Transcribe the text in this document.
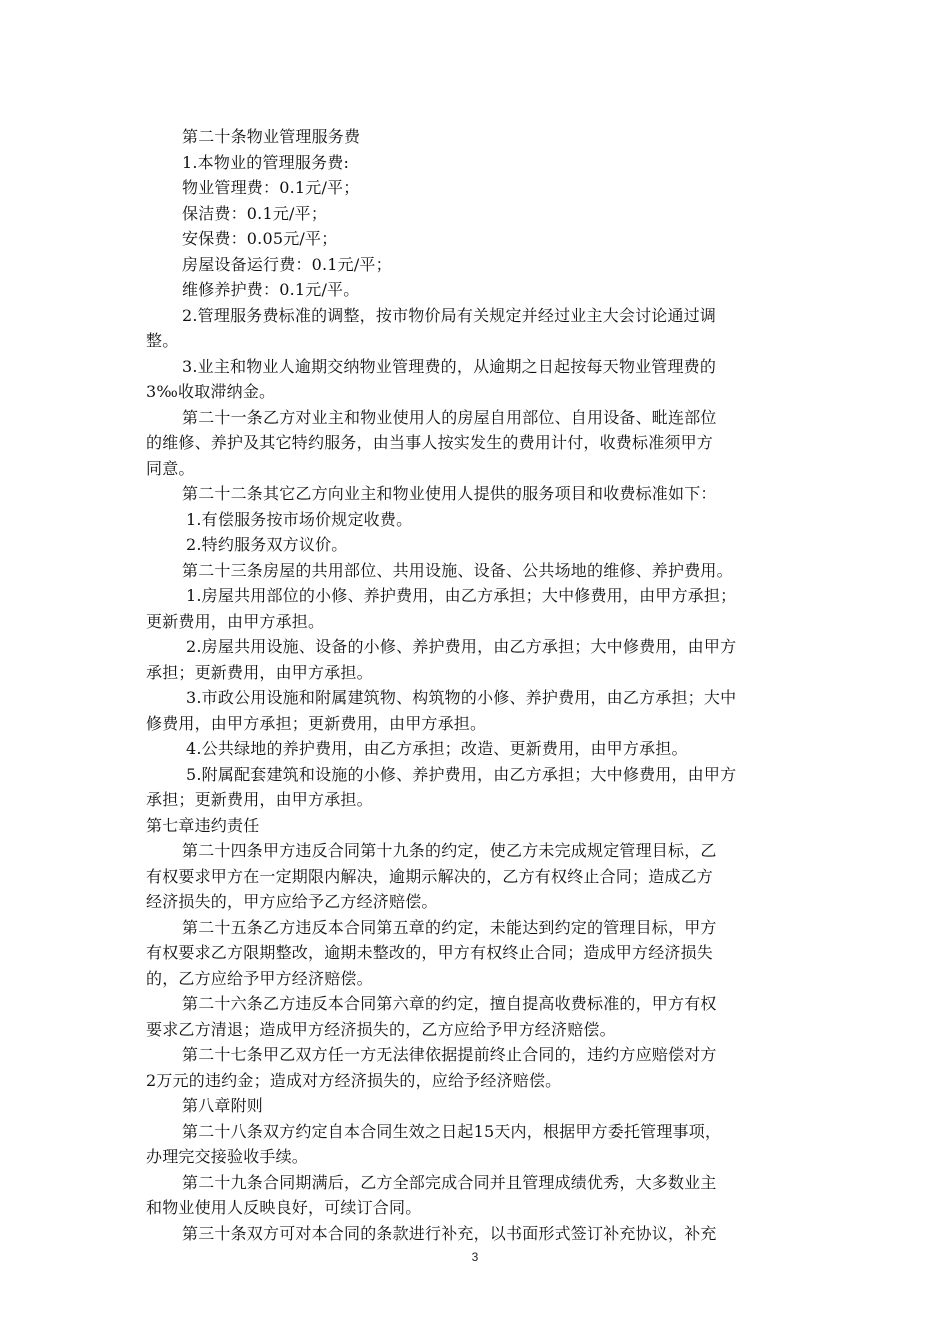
第二十条物业管理服务费
1.本物业的管理服务费:
物业管理费：0.1元/平；
保洁费：0.1元/平；
安保费：0.05元/平；
房屋设备运行费：0.1元/平；
维修养护费：0.1元/平。
2.管理服务费标准的调整，按市物价局有关规定并经过业主大会讨论通过调
整。
3.业主和物业人逾期交纳物业管理费的，从逾期之日起按每天物业管理费的
3‰收取滞纳金。
第二十一条乙方对业主和物业使用人的房屋自用部位、自用设备、毗连部位
的维修、养护及其它特约服务，由当事人按实发生的费用计付，收费标准须甲方
同意。
第二十二条其它乙方向业主和物业使用人提供的服务项目和收费标准如下：
1.有偿服务按市场价规定收费。
2.特约服务双方议价。
第二十三条房屋的共用部位、共用设施、设备、公共场地的维修、养护费用。
1.房屋共用部位的小修、养护费用，由乙方承担；大中修费用，由甲方承担；
更新费用，由甲方承担。
2.房屋共用设施、设备的小修、养护费用，由乙方承担；大中修费用，由甲方
承担；更新费用，由甲方承担。
3.市政公用设施和附属建筑物、构筑物的小修、养护费用，由乙方承担；大中
修费用，由甲方承担；更新费用，由甲方承担。
4.公共绿地的养护费用，由乙方承担；改造、更新费用，由甲方承担。
5.附属配套建筑和设施的小修、养护费用，由乙方承担；大中修费用，由甲方
承担；更新费用，由甲方承担。
第七章违约责任
第二十四条甲方违反合同第十九条的约定，使乙方未完成规定管理目标，乙
有权要求甲方在一定期限内解决，逾期示解决的，乙方有权终止合同；造成乙方
经济损失的，甲方应给予乙方经济赔偿。
第二十五条乙方违反本合同第五章的约定，未能达到约定的管理目标，甲方
有权要求乙方限期整改，逾期未整改的，甲方有权终止合同；造成甲方经济损失
的，乙方应给予甲方经济赔偿。
第二十六条乙方违反本合同第六章的约定，擅自提高收费标准的，甲方有权
要求乙方清退；造成甲方经济损失的，乙方应给予甲方经济赔偿。
第二十七条甲乙双方任一方无法律依据提前终止合同的，违约方应赔偿对方
2万元的违约金；造成对方经济损失的，应给予经济赔偿。
第八章附则
第二十八条双方约定自本合同生效之日起15天内，根据甲方委托管理事项，
办理完交接验收手续。
第二十九条合同期满后，乙方全部完成合同并且管理成绩优秀，大多数业主
和物业使用人反映良好，可续订合同。
第三十条双方可对本合同的条款进行补充，以书面形式签订补充协议，补充
3
